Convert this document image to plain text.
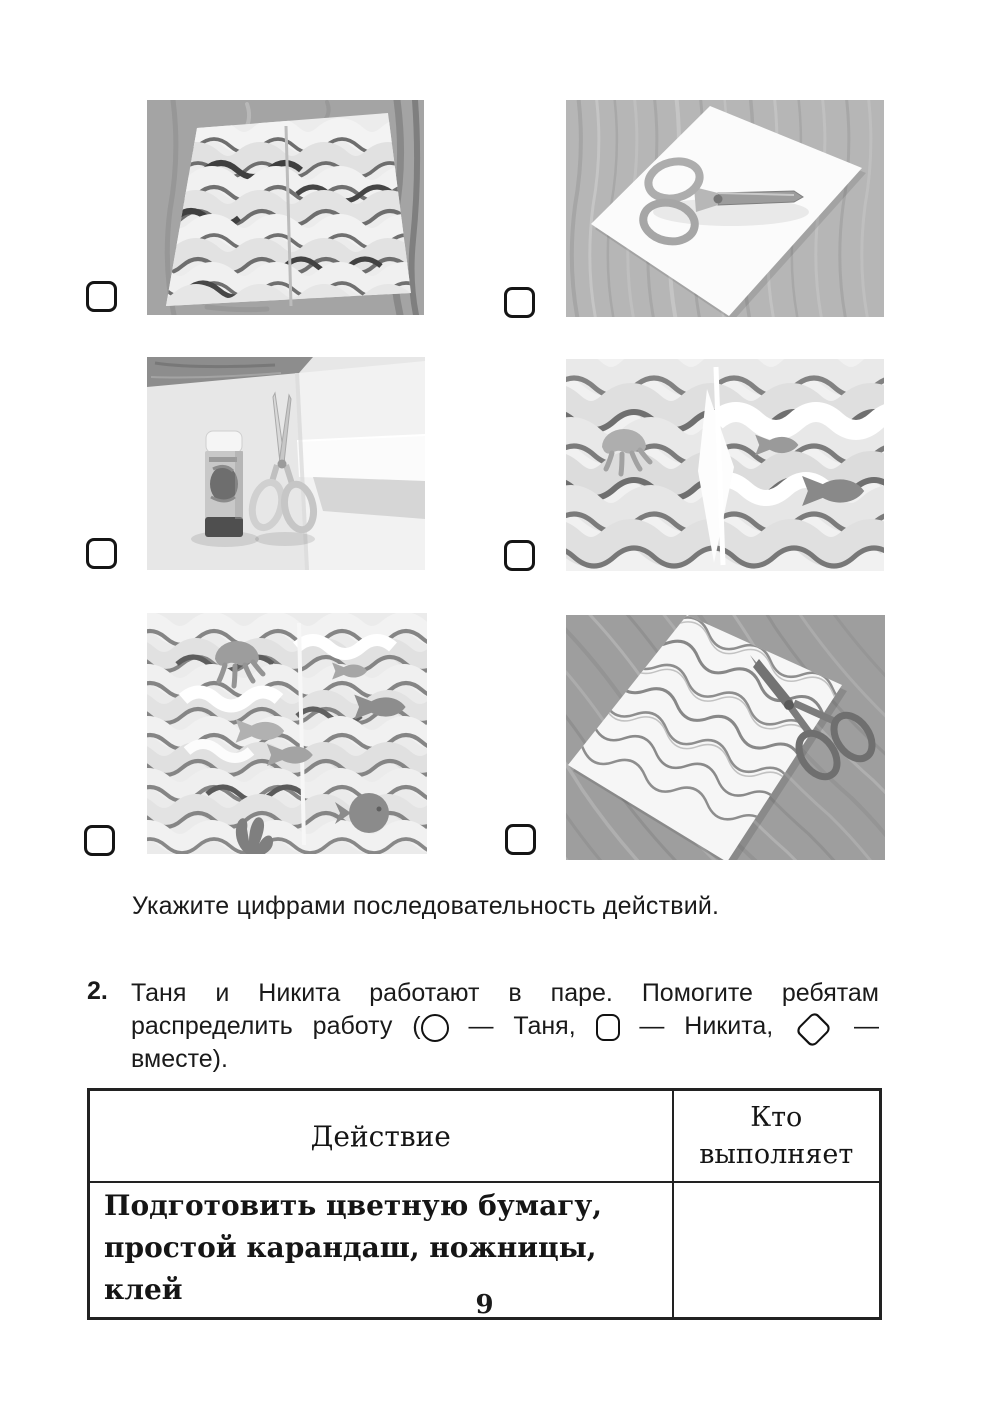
Укажите цифрами последовательность действий.
2. Таня и Никита работают в паре. Помогите ребятам
распределить работу ( — Таня,	— Никита,	—
вместе).
Действие	Кто
выполняет

Подготовить цветную бумагу,
простой карандаш, ножницы, клей	
		9
